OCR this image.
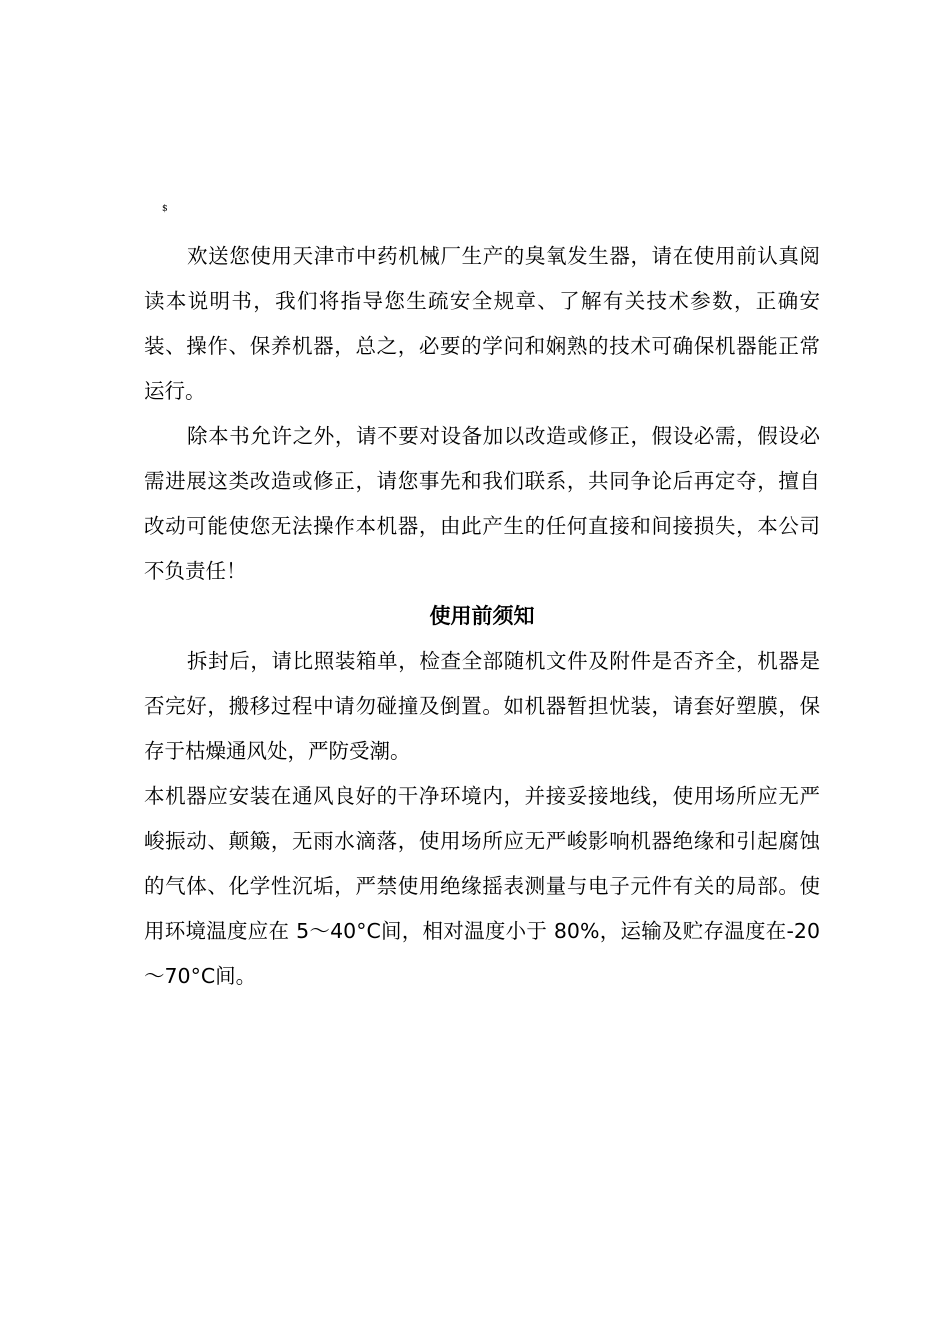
$

欢送您使用天津市中药机械厂生产的臭氧发生器，请在使用前认真阅读本说明书，我们将指导您生疏安全规章、了解有关技术参数，正确安装、操作、保养机器，总之，必要的学问和娴熟的技术可确保机器能正常运行。

除本书允许之外，请不要对设备加以改造或修正，假设必需，假设必需进展这类改造或修正，请您事先和我们联系，共同争论后再定夺，擅自改动可能使您无法操作本机器，由此产生的任何直接和间接损失，本公司不负责任！

使用前须知

拆封后，请比照装箱单，检查全部随机文件及附件是否齐全，机器是否完好，搬移过程中请勿碰撞及倒置。如机器暂担忧装，请套好塑膜，保存于枯燥通风处，严防受潮。

本机器应安装在通风良好的干净环境内，并接妥接地线，使用场所应无严峻振动、颠簸，无雨水滴落，使用场所应无严峻影响机器绝缘和引起腐蚀的气体、化学性沉垢，严禁使用绝缘摇表测量与电子元件有关的局部。使用环境温度应在 5～40°C间，相对温度小于 80%，运输及贮存温度在-20～70°C间。
